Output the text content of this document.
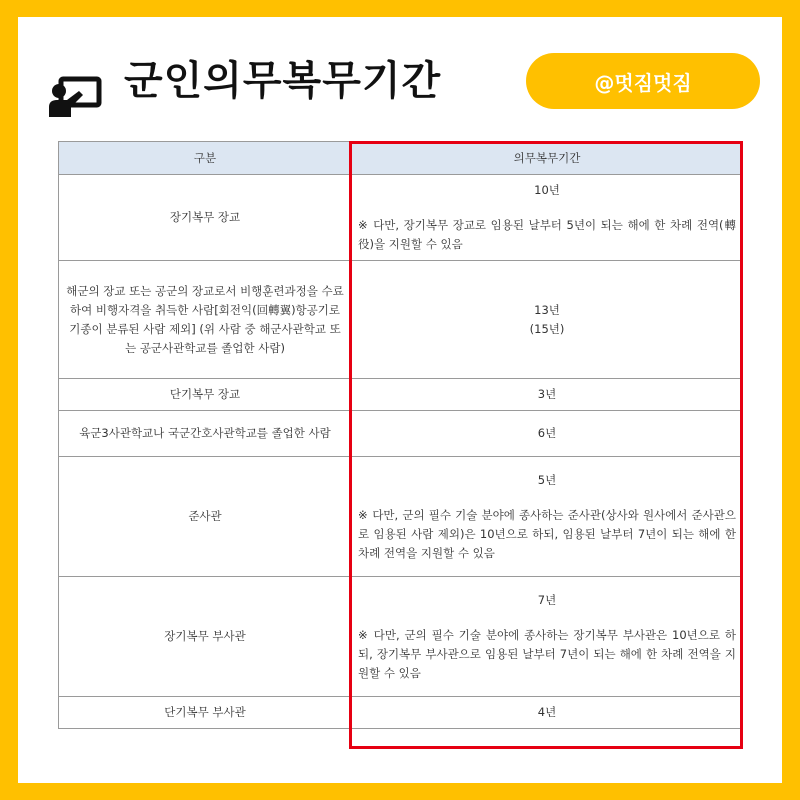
군인의무복무기간	@멋짐멋짐
구분	의무복무기간
장기복무 장교	10년
※ 다만, 장기복무 장교로 임용된 날부터 5년이 되는 해에 한 차례 전역(轉役)을 지원할 수 있음

해군의 장교 또는 공군의 장교로서 비행훈련과정을 수료하여 비행자격을 취득한 사람[회전익(回轉翼)항공기로 기종이 분류된 사람 제외] (위 사람 중 해군사관학교 또는 공군사관학교를 졸업한 사람)	13년
(15년)

단기복무 장교	3년
육군3사관학교나 국군간호사관학교를 졸업한 사람	6년
준사관	5년
※ 다만, 군의 필수 기술 분야에 종사하는 준사관(상사와 원사에서 준사관으로 임용된 사람 제외)은 10년으로 하되, 임용된 날부터 7년이 되는 해에 한 차례 전역을 지원할 수 있음

장기복무 부사관	7년
※ 다만, 군의 필수 기술 분야에 종사하는 장기복무 부사관은 10년으로 하되, 장기복무 부사관으로 임용된 날부터 7년이 되는 해에 한 차례 전역을 지원할 수 있음

단기복무 부사관	4년
